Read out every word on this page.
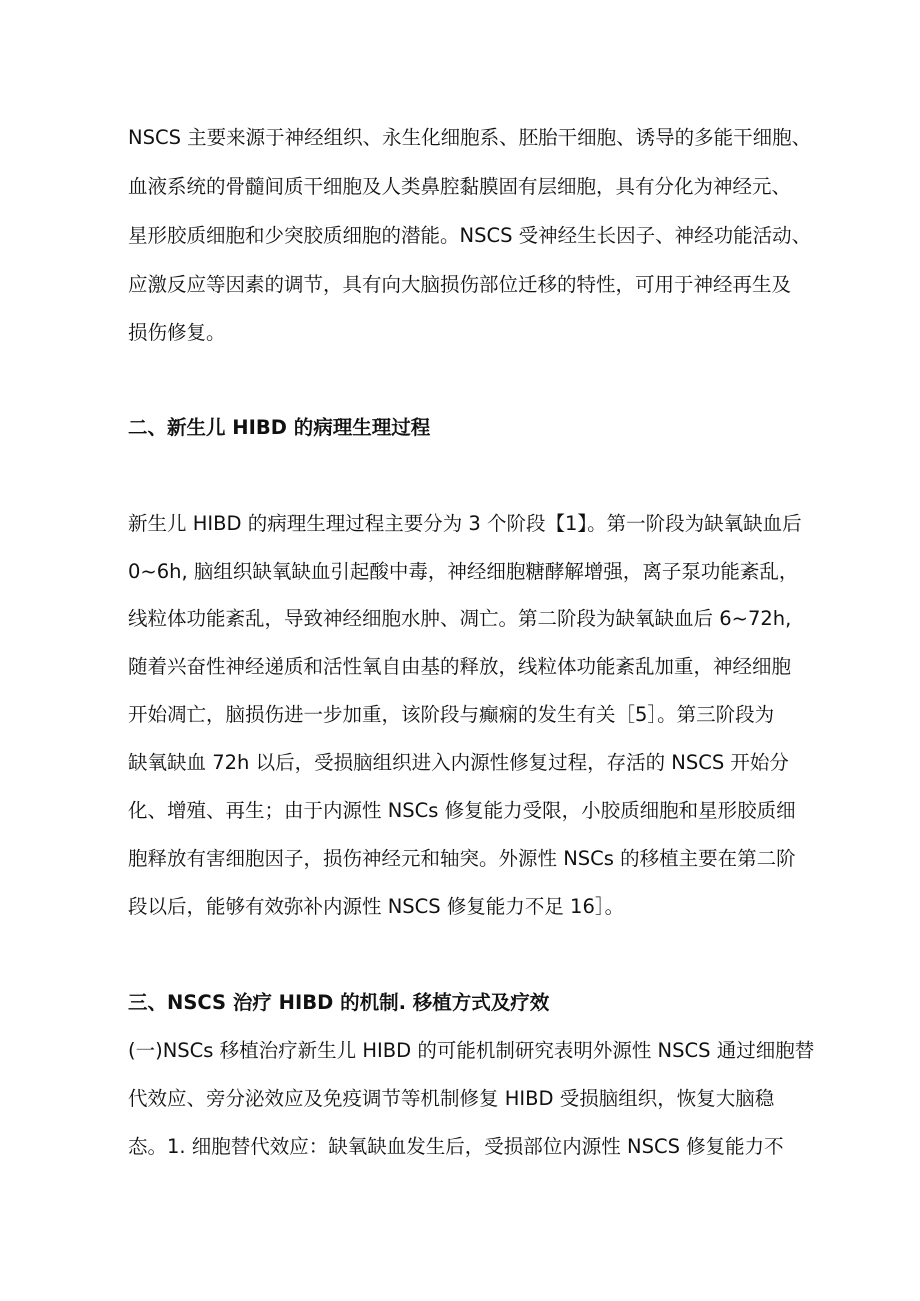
NSCS 主要来源于神经组织、永生化细胞系、胚胎干细胞、诱导的多能干细胞、
血液系统的骨髓间质干细胞及人类鼻腔黏膜固有层细胞，具有分化为神经元、
星形胶质细胞和少突胶质细胞的潜能。NSCS 受神经生长因子、神经功能活动、
应激反应等因素的调节，具有向大脑损伤部位迁移的特性，可用于神经再生及
损伤修复。
二、新生儿 HIBD 的病理生理过程
新生儿 HIBD 的病理生理过程主要分为 3 个阶段【1】。第一阶段为缺氧缺血后
0~6h, 脑组织缺氧缺血引起酸中毒，神经细胞糖酵解增强，离子泵功能紊乱，
线粒体功能紊乱，导致神经细胞水肿、凋亡。第二阶段为缺氧缺血后 6~72h,
随着兴奋性神经递质和活性氧自由基的释放，线粒体功能紊乱加重，神经细胞
开始凋亡，脑损伤进一步加重，该阶段与癫痫的发生有关［5］。第三阶段为
缺氧缺血 72h 以后，受损脑组织进入内源性修复过程，存活的 NSCS 开始分
化、增殖、再生；由于内源性 NSCs 修复能力受限，小胶质细胞和星形胶质细
胞释放有害细胞因子，损伤神经元和轴突。外源性 NSCs 的移植主要在第二阶
段以后，能够有效弥补内源性 NSCS 修复能力不足 16］。
三、NSCS 治疗 HIBD 的机制. 移植方式及疗效
(一)NSCs 移植治疗新生儿 HIBD 的可能机制研究表明外源性 NSCS 通过细胞替
代效应、旁分泌效应及免疫调节等机制修复 HIBD 受损脑组织，恢复大脑稳
态。1. 细胞替代效应：缺氧缺血发生后，受损部位内源性 NSCS 修复能力不
